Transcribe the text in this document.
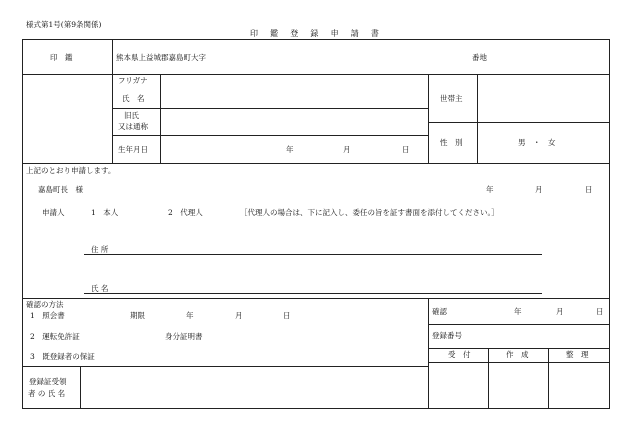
様式第1号(第9条関係)
印 鑑 登 録 申 請 書
印　鑑	熊本県上益城郡嘉島町大字	番地
フリガナ
氏　名
旧氏
又は通称
生年月日	年	月	日
世帯主
性　別	男　・　女
上記のとおり申請します。
嘉島町長　様	年	月	日
申請人	1　本人	2　代理人	［代理人の場合は、下に記入し、委任の旨を証す書面を添付してください。］
住 所
氏 名
確認の方法
1　照会書	期限	年	月	日
2　運転免許証	身分証明書
3　既登録者の保証
登録証受領
者 の 氏 名
確認	年	月	日
登録番号
受　付	作　成	整　理
